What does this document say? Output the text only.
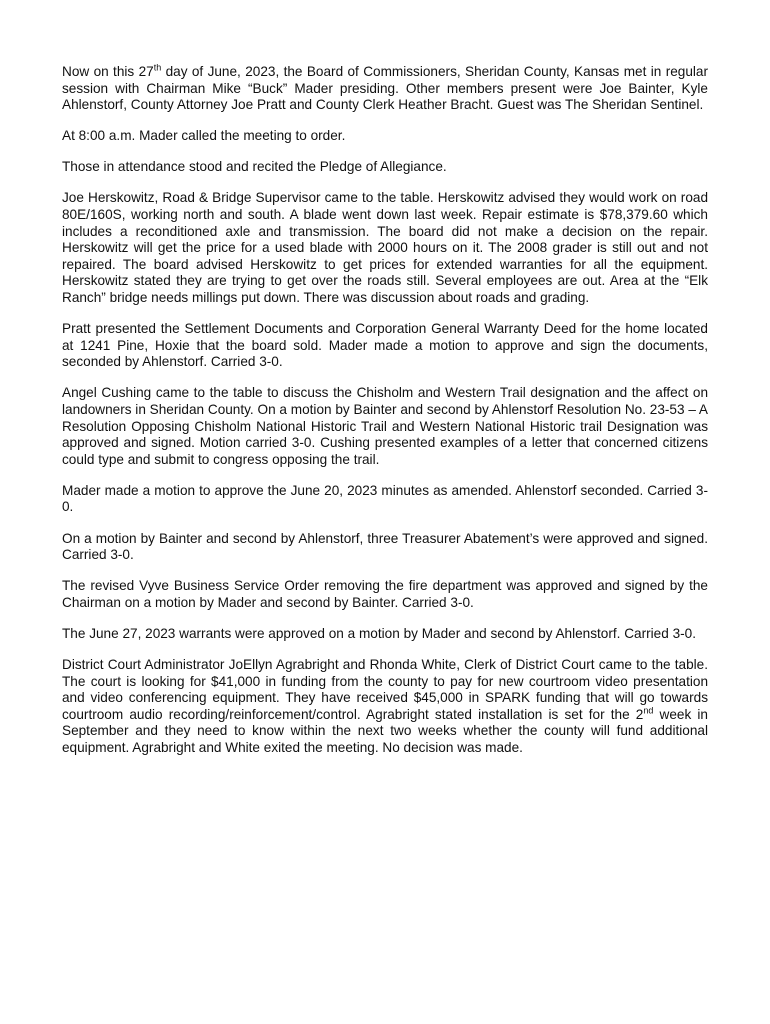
Now on this 27th day of June, 2023, the Board of Commissioners, Sheridan County, Kansas met in regular session with Chairman Mike “Buck” Mader presiding. Other members present were Joe Bainter, Kyle Ahlenstorf, County Attorney Joe Pratt and County Clerk Heather Bracht. Guest was The Sheridan Sentinel.

At 8:00 a.m. Mader called the meeting to order.

Those in attendance stood and recited the Pledge of Allegiance.

Joe Herskowitz, Road & Bridge Supervisor came to the table. Herskowitz advised they would work on road 80E/160S, working north and south. A blade went down last week. Repair estimate is $78,379.60 which includes a reconditioned axle and transmission. The board did not make a decision on the repair. Herskowitz will get the price for a used blade with 2000 hours on it. The 2008 grader is still out and not repaired. The board advised Herskowitz to get prices for extended warranties for all the equipment. Herskowitz stated they are trying to get over the roads still. Several employees are out. Area at the “Elk Ranch” bridge needs millings put down. There was discussion about roads and grading.

Pratt presented the Settlement Documents and Corporation General Warranty Deed for the home located at 1241 Pine, Hoxie that the board sold. Mader made a motion to approve and sign the documents, seconded by Ahlenstorf. Carried 3-0.

Angel Cushing came to the table to discuss the Chisholm and Western Trail designation and the affect on landowners in Sheridan County. On a motion by Bainter and second by Ahlenstorf Resolution No. 23-53 – A Resolution Opposing Chisholm National Historic Trail and Western National Historic trail Designation was approved and signed. Motion carried 3-0. Cushing presented examples of a letter that concerned citizens could type and submit to congress opposing the trail.

Mader made a motion to approve the June 20, 2023 minutes as amended. Ahlenstorf seconded. Carried 3-0.

On a motion by Bainter and second by Ahlenstorf, three Treasurer Abatement’s were approved and signed. Carried 3-0.

The revised Vyve Business Service Order removing the fire department was approved and signed by the Chairman on a motion by Mader and second by Bainter. Carried 3-0.

The June 27, 2023 warrants were approved on a motion by Mader and second by Ahlenstorf. Carried 3-0.

District Court Administrator JoEllyn Agrabright and Rhonda White, Clerk of District Court came to the table. The court is looking for $41,000 in funding from the county to pay for new courtroom video presentation and video conferencing equipment. They have received $45,000 in SPARK funding that will go towards courtroom audio recording/reinforcement/control. Agrabright stated installation is set for the 2nd week in September and they need to know within the next two weeks whether the county will fund additional equipment. Agrabright and White exited the meeting. No decision was made.
